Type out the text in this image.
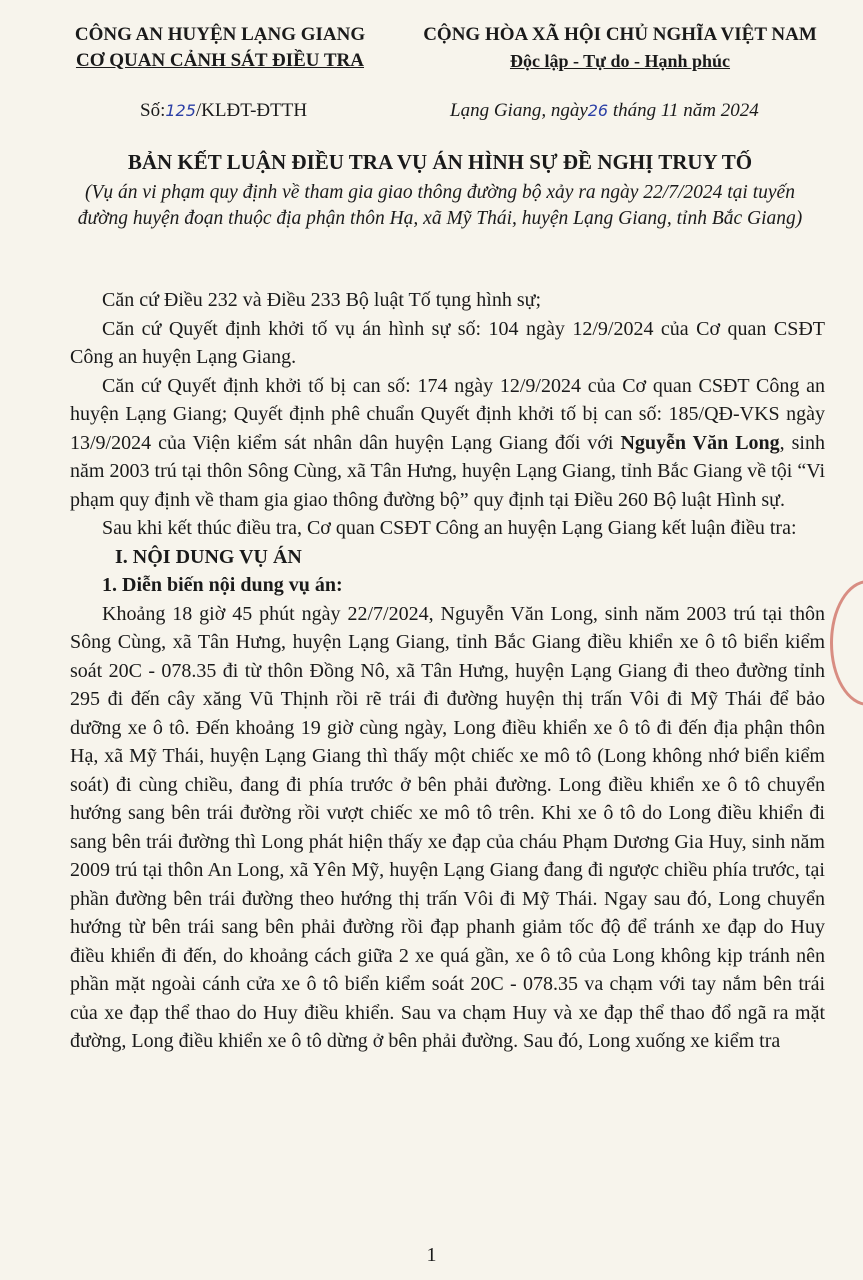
CÔNG AN HUYỆN LẠNG GIANG
CƠ QUAN CẢNH SÁT ĐIỀU TRA
CỘNG HÒA XÃ HỘI CHỦ NGHĨA VIỆT NAM
Độc lập - Tự do - Hạnh phúc
Số:125/KLĐT-ĐTTH	Lạng Giang, ngày26 tháng 11 năm 2024
BẢN KẾT LUẬN ĐIỀU TRA VỤ ÁN HÌNH SỰ ĐỀ NGHỊ TRUY TỐ
(Vụ án vi phạm quy định về tham gia giao thông đường bộ xảy ra ngày 22/7/2024 tại tuyến đường huyện đoạn thuộc địa phận thôn Hạ, xã Mỹ Thái, huyện Lạng Giang, tỉnh Bắc Giang)

Căn cứ Điều 232 và Điều 233 Bộ luật Tố tụng hình sự;

Căn cứ Quyết định khởi tố vụ án hình sự số: 104 ngày 12/9/2024 của Cơ quan CSĐT Công an huyện Lạng Giang.

Căn cứ Quyết định khởi tố bị can số: 174 ngày 12/9/2024 của Cơ quan CSĐT Công an huyện Lạng Giang; Quyết định phê chuẩn Quyết định khởi tố bị can số: 185/QĐ-VKS ngày 13/9/2024 của Viện kiểm sát nhân dân huyện Lạng Giang đối với Nguyễn Văn Long, sinh năm 2003 trú tại thôn Sông Cùng, xã Tân Hưng, huyện Lạng Giang, tỉnh Bắc Giang về tội “Vi phạm quy định về tham gia giao thông đường bộ” quy định tại Điều 260 Bộ luật Hình sự.

Sau khi kết thúc điều tra, Cơ quan CSĐT Công an huyện Lạng Giang kết luận điều tra:

I. NỘI DUNG VỤ ÁN

1. Diễn biến nội dung vụ án:

Khoảng 18 giờ 45 phút ngày 22/7/2024, Nguyễn Văn Long, sinh năm 2003 trú tại thôn Sông Cùng, xã Tân Hưng, huyện Lạng Giang, tỉnh Bắc Giang điều khiển xe ô tô biển kiểm soát 20C - 078.35 đi từ thôn Đồng Nô, xã Tân Hưng, huyện Lạng Giang đi theo đường tỉnh 295 đi đến cây xăng Vũ Thịnh rồi rẽ trái đi đường huyện thị trấn Vôi đi Mỹ Thái để bảo dưỡng xe ô tô. Đến khoảng 19 giờ cùng ngày, Long điều khiển xe ô tô đi đến địa phận thôn Hạ, xã Mỹ Thái, huyện Lạng Giang thì thấy một chiếc xe mô tô (Long không nhớ biển kiểm soát) đi cùng chiều, đang đi phía trước ở bên phải đường. Long điều khiển xe ô tô chuyển hướng sang bên trái đường rồi vượt chiếc xe mô tô trên. Khi xe ô tô do Long điều khiển đi sang bên trái đường thì Long phát hiện thấy xe đạp của cháu Phạm Dương Gia Huy, sinh năm 2009 trú tại thôn An Long, xã Yên Mỹ, huyện Lạng Giang đang đi ngược chiều phía trước, tại phần đường bên trái đường theo hướng thị trấn Vôi đi Mỹ Thái. Ngay sau đó, Long chuyển hướng từ bên trái sang bên phải đường rồi đạp phanh giảm tốc độ để tránh xe đạp do Huy điều khiển đi đến, do khoảng cách giữa 2 xe quá gần, xe ô tô của Long không kịp tránh nên phần mặt ngoài cánh cửa xe ô tô biển kiểm soát 20C - 078.35 va chạm với tay nắm bên trái của xe đạp thể thao do Huy điều khiển. Sau va chạm Huy và xe đạp thể thao đổ ngã ra mặt đường, Long điều khiển xe ô tô dừng ở bên phải đường. Sau đó, Long xuống xe kiểm tra

1
